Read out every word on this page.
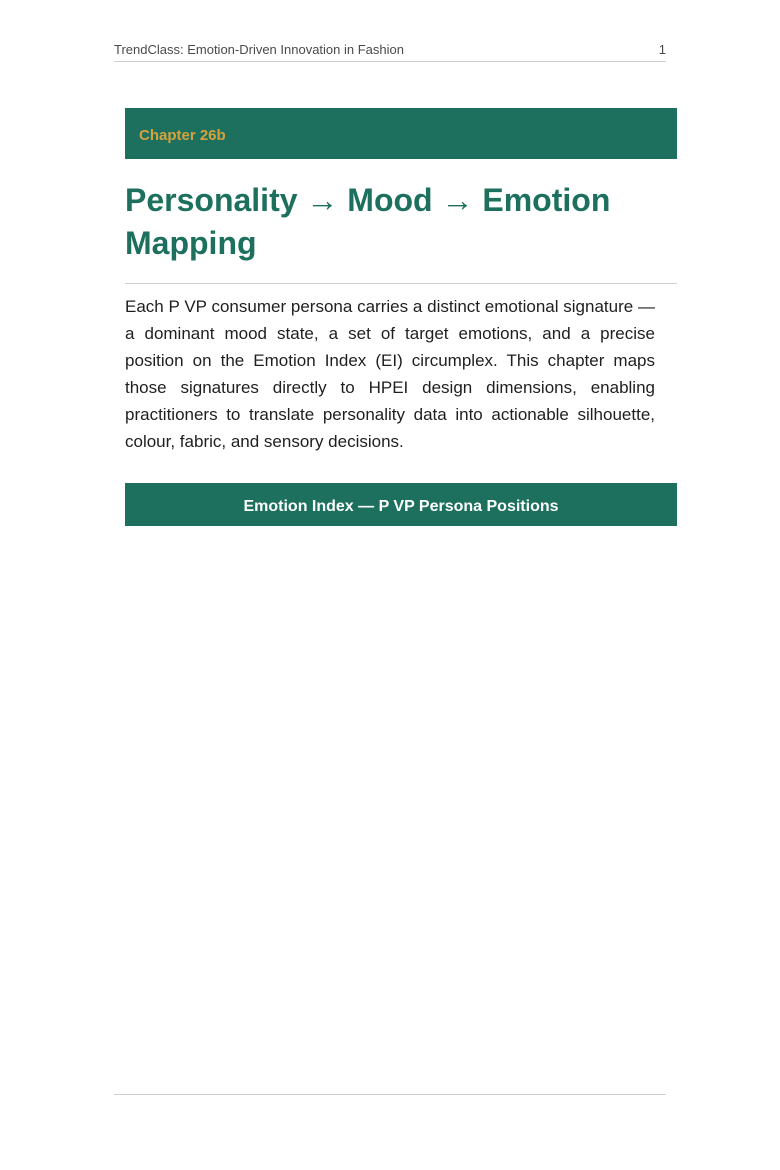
TrendClass: Emotion-Driven Innovation in Fashion	1
Chapter 26b
Personality → Mood → Emotion Mapping

Each P VP consumer persona carries a distinct emotional signature — a dominant mood state, a set of target emotions, and a precise position on the Emotion Index (EI) circumplex. This chapter maps those signatures directly to HPEI design dimensions, enabling practitioners to translate personality data into actionable silhouette, colour, fabric, and sensory decisions.

Emotion Index — P VP Persona Positions
